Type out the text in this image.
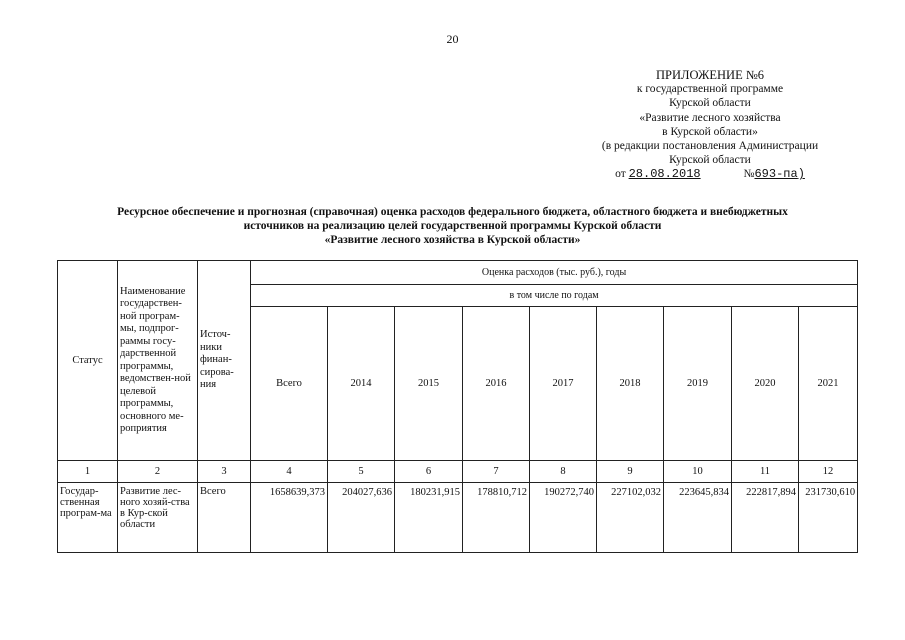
20
ПРИЛОЖЕНИЕ №6
к государственной программе
Курской области
«Развитие лесного хозяйства
в Курской области»
(в редакции постановления Администрации
Курской области
от 28.08.2018	№693-па)
Ресурсное обеспечение и прогнозная (справочная) оценка расходов федерального бюджета, областного бюджета и внебюджетных
источников на реализацию целей государственной программы Курской области
«Развитие лесного хозяйства в Курской области»
Статус	Наименование государствен-ной програм-мы, подпрог-раммы госу-дарственной программы, ведомствен-ной целевой программы, основного ме-роприятия	Источ-ники финан-сирова-ния	Оценка расходов (тыс. руб.), годы								
			в том числе по годам								
			Всего	2014	2015	2016	2017	2018	2019	2020	2021
1	2	3	4	5	6	7	8	9	10	11	12
Государ-ственная програм-ма	Развитие лес-ного хозяй-ства в Кур-ской области	Всего	1658639,373	204027,636	180231,915	178810,712	190272,740	227102,032	223645,834	222817,894	231730,610
